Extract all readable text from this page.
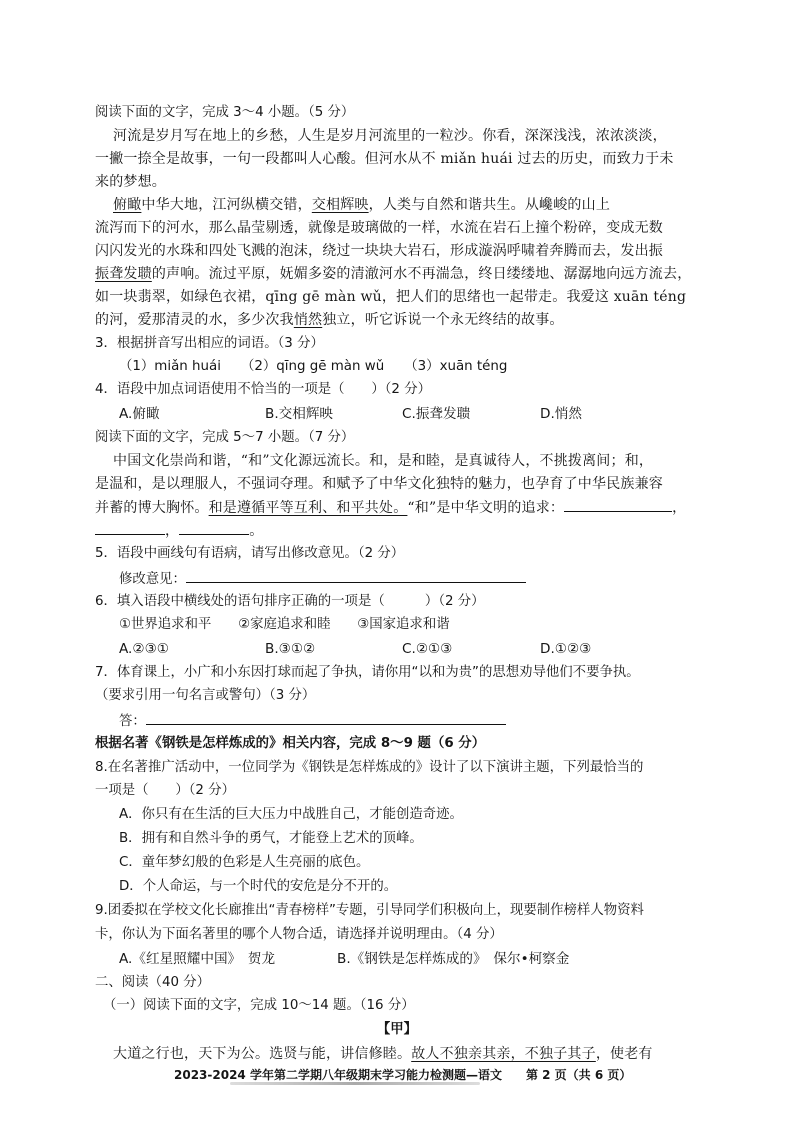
阅读下面的文字，完成 3～4 小题。（5 分）
河流是岁月写在地上的乡愁，人生是岁月河流里的一粒沙。你看，深深浅浅，浓浓淡淡，
一撇一捺全是故事，一句一段都叫人心酸。但河水从不 miǎn huái 过去的历史，而致力于未
来的梦想。
俯瞰中华大地，江河纵横交错，交相辉映，人类与自然和谐共生。从巉峻的山上
流泻而下的河水，那么晶莹剔透，就像是玻璃做的一样，水流在岩石上撞个粉碎，变成无数
闪闪发光的水珠和四处飞溅的泡沫，绕过一块块大岩石，形成漩涡呼啸着奔腾而去，发出振
振聋发聩的声响。流过平原，妩媚多姿的清澈河水不再湍急，终日缕缕地、潺潺地向远方流去，
如一块翡翠，如绿色衣裙，qīng gē màn wǔ，把人们的思绪也一起带走。我爱这 xuān téng
的河，爱那清灵的水，多少次我悄然独立，听它诉说一个永无终结的故事。
3．根据拼音写出相应的词语。（3 分）
（1）miǎn huái　　（2）qīng gē màn wǔ　　（3）xuān téng
4．语段中加点词语使用不恰当的一项是（　　）（2 分）
A.俯瞰	B.交相辉映	C.振聋发聩	D.悄然
阅读下面的文字，完成 5～7 小题。（7 分）
中国文化崇尚和谐，“和”文化源远流长。和，是和睦，是真诚待人，不挑拨离间；和，
是温和，是以理服人，不强词夺理。和赋予了中华文化独特的魅力，也孕育了中华民族兼容
并蓄的博大胸怀。和是遵循平等互利、和平共处。“和”是中华文明的追求：	，
，	。
5．语段中画线句有语病，请写出修改意见。（2 分）
修改意见：
6．填入语段中横线处的语句排序正确的一项是（　　　）（2 分）
①世界追求和平　　②家庭追求和睦　　③国家追求和谐
A.②③①	B.③①②	C.②①③	D.①②③
7．体育课上，小广和小东因打球而起了争执，请你用“以和为贵”的思想劝导他们不要争执。
（要求引用一句名言或警句）（3 分）
答：
根据名著《钢铁是怎样炼成的》相关内容，完成 8～9 题（6 分）
8.在名著推广活动中，一位同学为《钢铁是怎样炼成的》设计了以下演讲主题，下列最恰当的
一项是（　　）（2 分）
A．你只有在生活的巨大压力中战胜自己，才能创造奇迹。
B．拥有和自然斗争的勇气，才能登上艺术的顶峰。
C．童年梦幻般的色彩是人生亮丽的底色。
D．个人命运，与一个时代的安危是分不开的。
9.团委拟在学校文化长廊推出“青春榜样”专题，引导同学们积极向上，现要制作榜样人物资料
卡，你认为下面名著里的哪个人物合适，请选择并说明理由。（4 分）
A.《红星照耀中国》　贺龙	B.《钢铁是怎样炼成的》　保尔•柯察金
二、阅读（40 分）
（一）阅读下面的文字，完成 10～14 题。（16 分）
【甲】
大道之行也，天下为公。选贤与能，讲信修睦。故人不独亲其亲，不独子其子，使老有
2023-2024 学年第二学期八年级期末学习能力检测题—语文　　第 2 页（共 6 页）
